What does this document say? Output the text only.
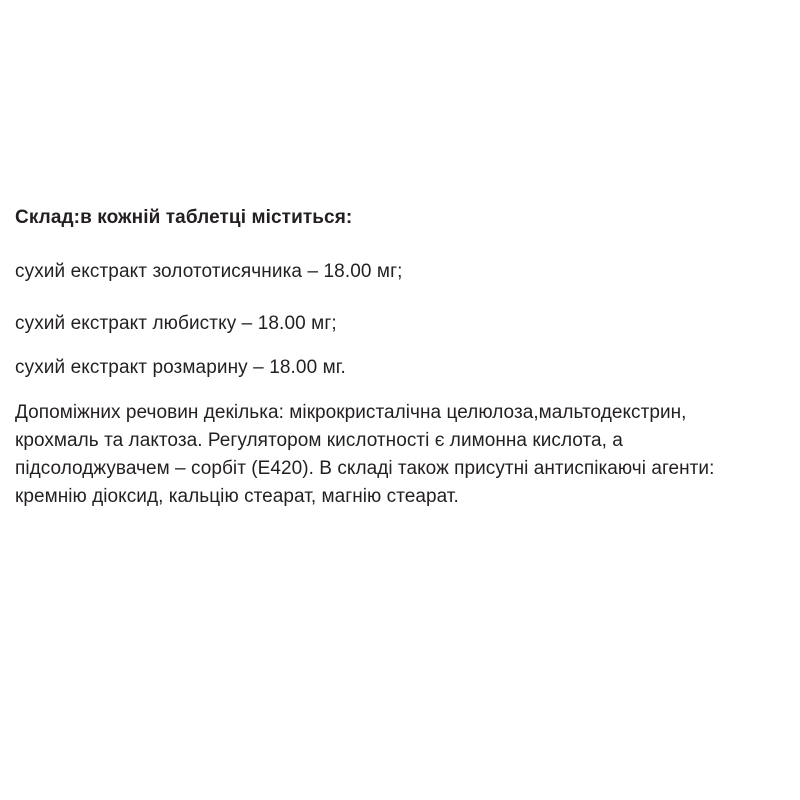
Склад:в кожній таблетці міститься:

сухий екстракт золототисячника – 18.00 мг;

сухий екстракт любистку – 18.00 мг;

сухий екстракт розмарину – 18.00 мг.

Допоміжних речовин декілька: мікрокристалічна целюлоза,мальтодекстрин, крохмаль та лактоза. Регулятором кислотності є лимонна кислота, а підсолоджувачем – сорбіт (Е420). В складі також присутні антиспікаючі агенти: кремнію діоксид, кальцію стеарат, магнію стеарат.
